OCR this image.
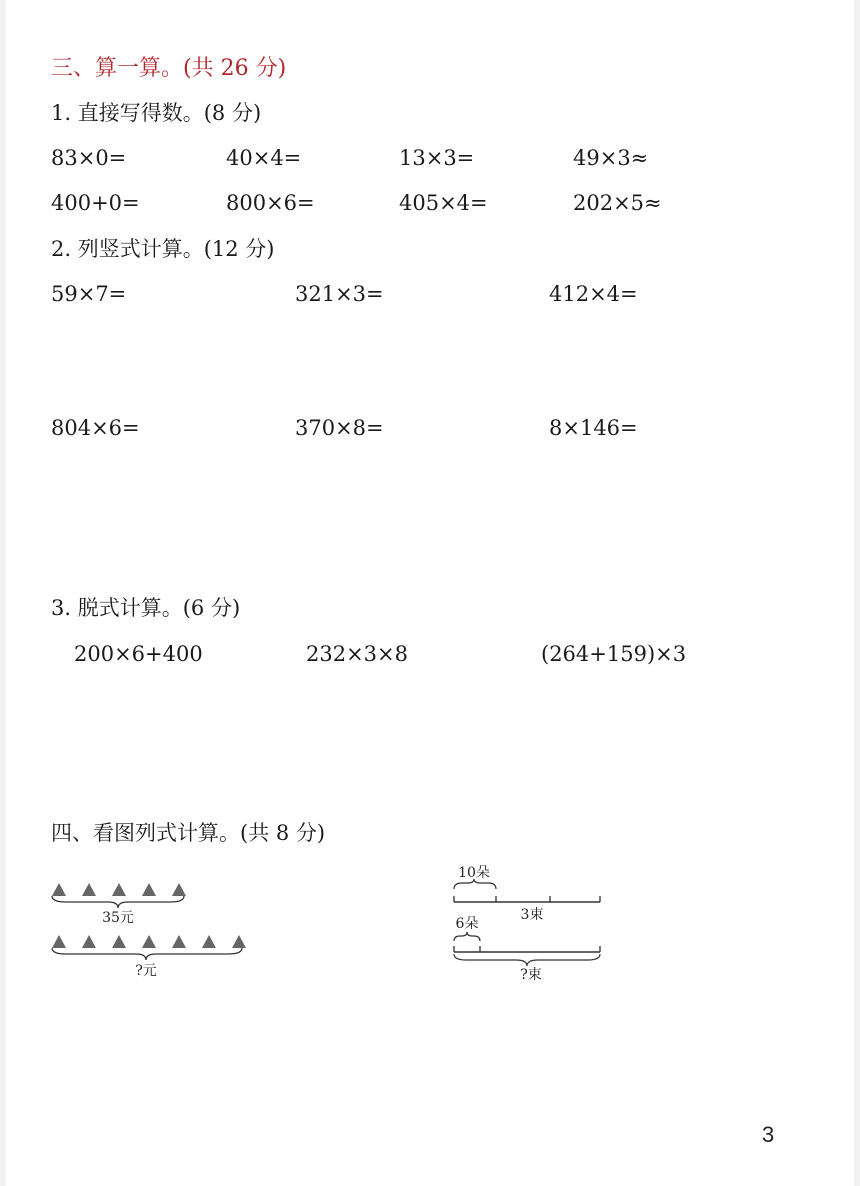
三、算一算。(共 26 分)
1. 直接写得数。(8 分)
83×0=	40×4=	13×3=	49×3≈
400+0=	800×6=	405×4=	202×5≈
2. 列竖式计算。(12 分)
59×7=	321×3=	412×4=
804×6=	370×8=	8×146=
3. 脱式计算。(6 分)
200×6+400	232×3×8	(264+159)×3
四、看图列式计算。(共 8 分)
35元
?元
10朵
3束
6朵
?束
3
